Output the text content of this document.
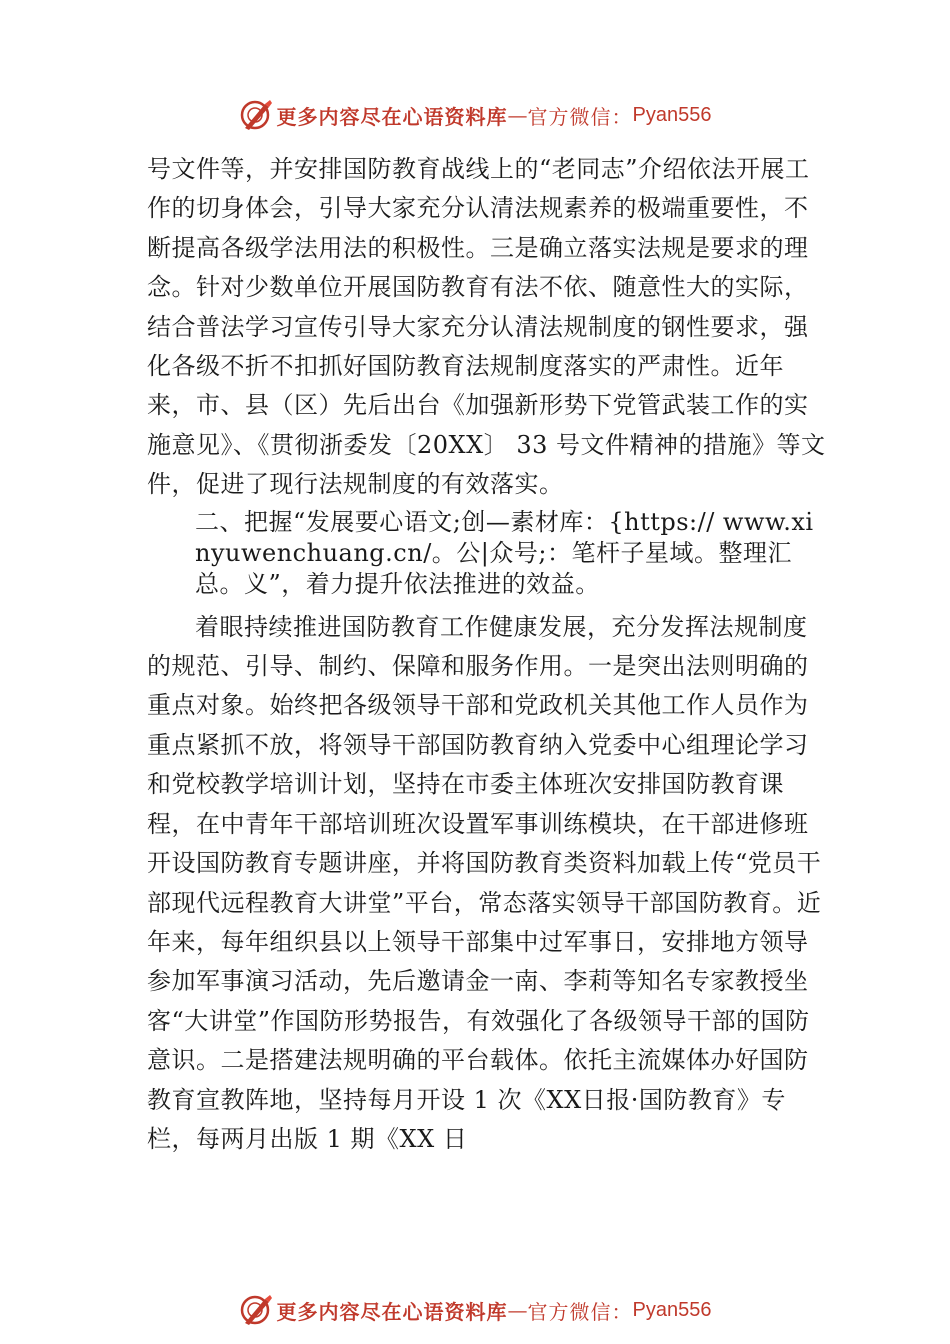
更多内容尽在心语资料库 — 官方微信： Pyan556

号文件等，并安排国防教育战线上的“老同志”介绍依法开展工作的切身体会，引导大家充分认清法规素养的极端重要性，不断提高各级学法用法的积极性。三是确立落实法规是要求的理念。针对少数单位开展国防教育有法不依、随意性大的实际，结合普法学习宣传引导大家充分认清法规制度的钢性要求，强化各级不折不扣抓好国防教育法规制度落实的严肃性。近年来，市、县（区）先后出台《加强新形势下党管武装工作的实施意见》、《贯彻浙委发〔20XX〕 33 号文件精神的措施》等文件，促进了现行法规制度的有效落实。

二、把握“发展要心语文;创—素材库：{https:// www.xinyuwenchuang.cn/。公|众号;：笔杆子星域。整理汇总。义”，着力提升依法推进的效益。

着眼持续推进国防教育工作健康发展，充分发挥法规制度的规范、引导、制约、保障和服务作用。一是突出法则明确的重点对象。始终把各级领导干部和党政机关其他工作人员作为重点紧抓不放，将领导干部国防教育纳入党委中心组理论学习和党校教学培训计划，坚持在市委主体班次安排国防教育课程，在中青年干部培训班次设置军事训练模块，在干部进修班开设国防教育专题讲座，并将国防教育类资料加载上传“党员干部现代远程教育大讲堂”平台，常态落实领导干部国防教育。近年来，每年组织县以上领导干部集中过军事日，安排地方领导参加军事演习活动，先后邀请金一南、李莉等知名专家教授坐客“大讲堂”作国防形势报告，有效强化了各级领导干部的国防意识。二是搭建法规明确的平台载体。依托主流媒体办好国防教育宣教阵地，坚持每月开设 1 次《XX日报·国防教育》专栏，每两月出版 1 期《XX 日

更多内容尽在心语资料库 — 官方微信： Pyan556
